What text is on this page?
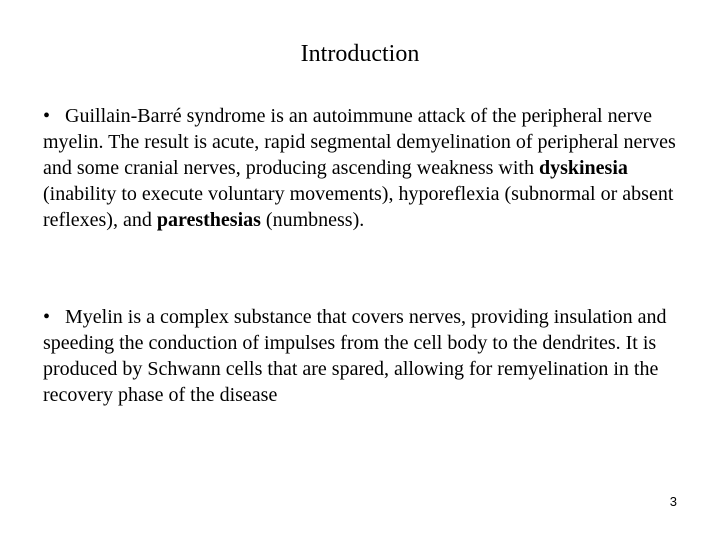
Introduction

• Guillain-Barré syndrome is an autoimmune attack of the peripheral nerve myelin. The result is acute, rapid segmental demyelination of peripheral nerves and some cranial nerves, producing ascending weakness with dyskinesia (inability to execute voluntary movements), hyporeflexia (subnormal or absent reflexes), and paresthesias (numbness).

• Myelin is a complex substance that covers nerves, providing insulation and speeding the conduction of impulses from the cell body to the dendrites. It is produced by Schwann cells that are spared, allowing for remyelination in the recovery phase of the disease

3
